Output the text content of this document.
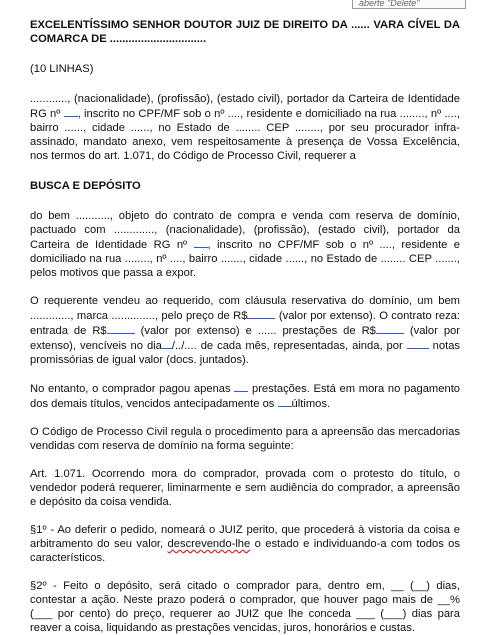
aberte "Delete"

EXCELENTÍSSIMO SENHOR DOUTOR JUIZ DE DIREITO DA ...... VARA CÍVEL DA COMARCA DE ...............................

(10 LINHAS)

............, (nacionalidade), (profissão), (estado civil), portador da Carteira de Identidade RG nº , inscrito no CPF/MF sob o nº ...., residente e domiciliado na rua ........, nº ...., bairro ......, cidade ......, no Estado de ........ CEP ........, por seu procurador infra-assinado, mandato anexo, vem respeitosamente à presença de Vossa Excelência, nos termos do art. 1.071, do Código de Processo Civil, requerer a

BUSCA E DEPÓSITO

do bem ..........., objeto do contrato de compra e venda com reserva de domínio, pactuado com ............., (nacionalidade), (profissão), (estado civil), portador da Carteira de Identidade RG nº , inscrito no CPF/MF sob o nº ...., residente e domiciliado na rua ........, nº ...., bairro ......., cidade ......, no Estado de ........ CEP ......., pelos motivos que passa a expor.

O requerente vendeu ao requerido, com cláusula reservativa do domínio, um bem ............., marca .............., pelo preço de R$	(valor por extenso). O contrato reza: entrada de R$	(valor por extenso) e ...... prestações de R$	(valor por extenso), vencíveis no dia /../.... de cada mês, representadas, ainda, por	notas promissórias de igual valor (docs. juntados).

No entanto, o comprador pagou apenas prestações. Está em mora no pagamento dos demais títulos, vencidos antecipadamente os últimos.

O Código de Processo Civil regula o procedimento para a apreensão das mercadorias vendidas com reserva de domínio na forma seguinte:

Art. 1.071. Ocorrendo mora do comprador, provada com o protesto do título, o vendedor poderá requerer, liminarmente e sem audiência do comprador, a apreensão e depósito da coisa vendida.

§1º - Ao deferir o pedido, nomeará o JUIZ perito, que procederá à vistoria da coisa e arbitramento do seu valor, descrevendo-lhe o estado e individuando-a com todos os característicos.

§2º - Feito o depósito, será citado o comprador para, dentro em, __ (__) dias, contestar a ação. Neste prazo poderá o comprador, que houver pago mais de __% (___ por cento) do preço, requerer ao JUIZ que lhe conceda ___ (___) dias para reaver a coisa, liquidando as prestações vencidas, juros, honorários e custas.
